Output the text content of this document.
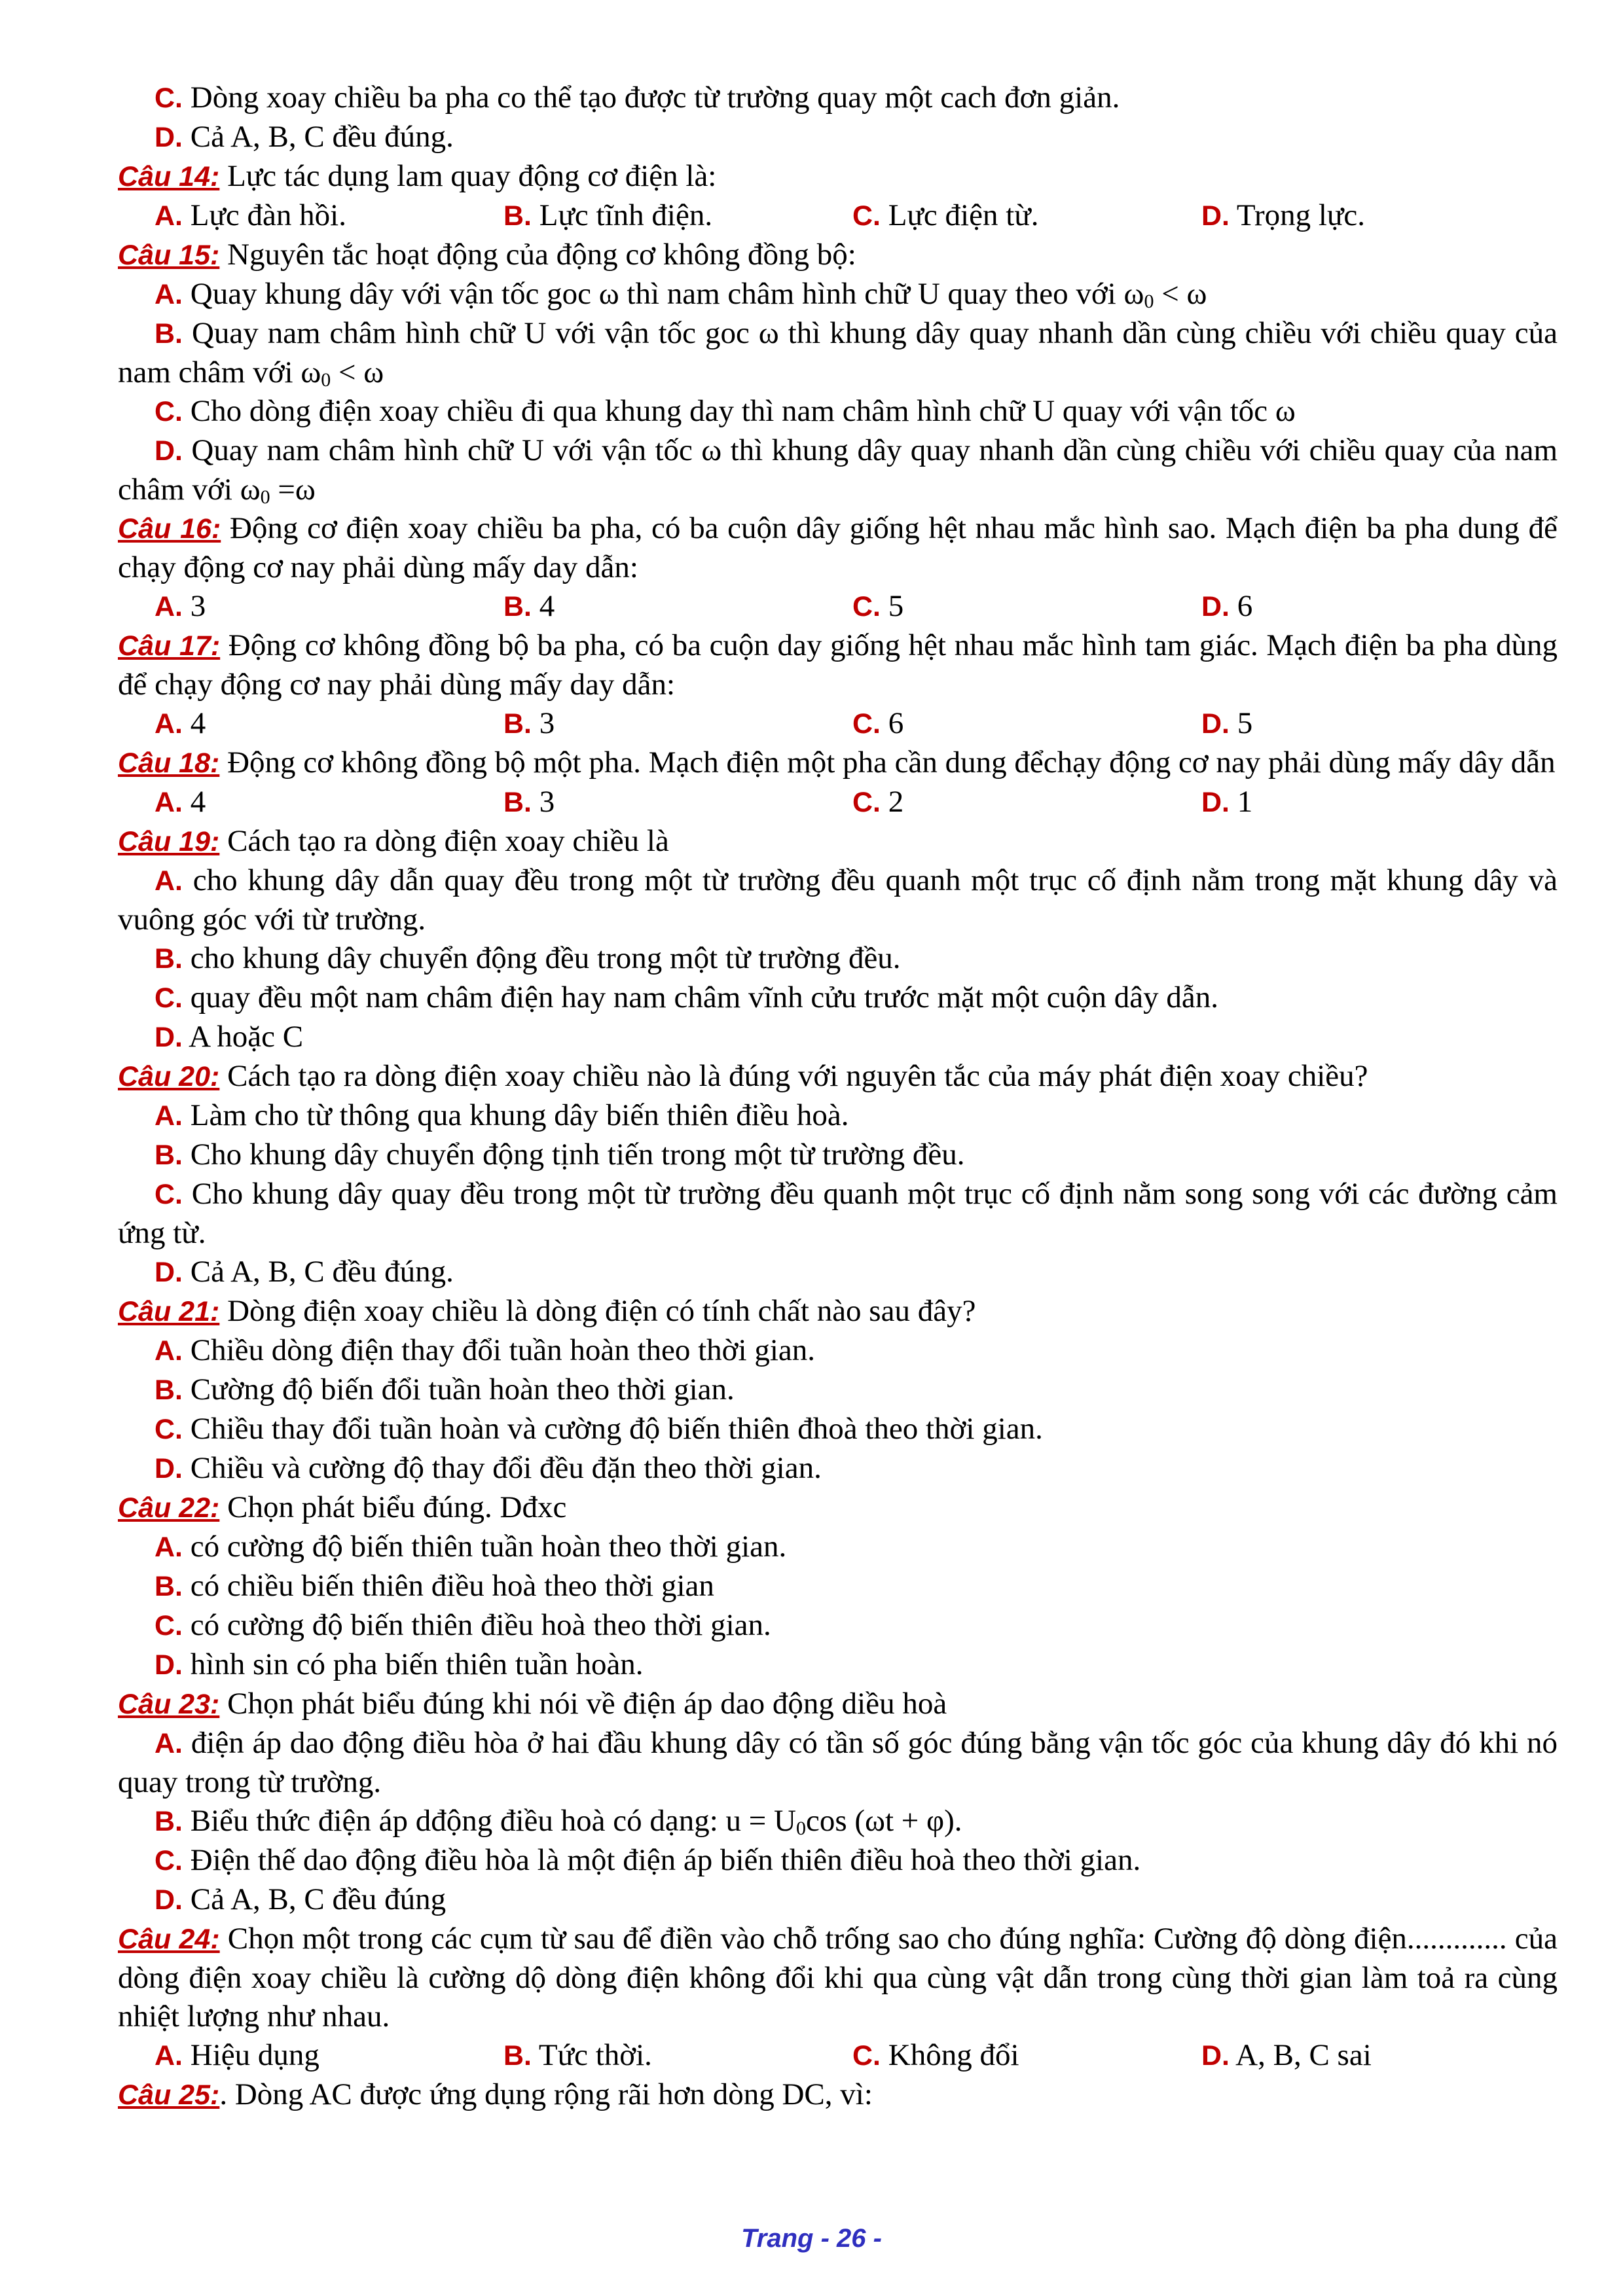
C. Dòng xoay chiều ba pha co thể tạo được từ trường quay một cach đơn giản.
D. Cả A, B, C đều đúng.
Câu 14: Lực tác dụng lam quay động cơ điện là:
A. Lực đàn hồi.	B. Lực tĩnh điện.	C. Lực điện từ.	D. Trọng lực.
Câu 15: Nguyên tắc hoạt động của động cơ không đồng bộ:
A. Quay khung dây với vận tốc goc ω thì nam châm hình chữ U quay theo với $\omega_0 < \omega$
B. Quay nam châm hình chữ U với vận tốc goc ω thì khung dây quay nhanh dần cùng chiều với chiều quay của nam châm với $\omega_0 < \omega$
C. Cho dòng điện xoay chiều đi qua khung day thì nam châm hình chữ U quay với vận tốc ω
D. Quay nam châm hình chữ U với vận tốc ω thì khung dây quay nhanh dần cùng chiều với chiều quay của nam châm với $\omega_0 =\omega$
Câu 16: Động cơ điện xoay chiều ba pha, có ba cuộn dây giống hệt nhau mắc hình sao. Mạch điện ba pha dung để chạy động cơ nay phải dùng mấy day dẫn:
A. 3	B. 4	C. 5	D. 6
Câu 17: Động cơ không đồng bộ ba pha, có ba cuộn day giống hệt nhau mắc hình tam giác. Mạch điện ba pha dùng để chạy động cơ nay phải dùng mấy day dẫn:
A. 4	B. 3	C. 6	D. 5
Câu 18: Động cơ không đồng bộ một pha. Mạch điện một pha cần dung đểchạy động cơ nay phải dùng mấy dây dẫn
A. 4	B. 3	C. 2	D. 1
Câu 19: Cách tạo ra dòng điện xoay chiều là
A. cho khung dây dẫn quay đều trong một từ trường đều quanh một trục cố định nằm trong mặt khung dây và vuông góc với từ trường.
B. cho khung dây chuyển động đều trong một từ trường đều.
C. quay đều một nam châm điện hay nam châm vĩnh cửu trước mặt một cuộn dây dẫn.
D. A hoặc C
Câu 20: Cách tạo ra dòng điện xoay chiều nào là đúng với nguyên tắc của máy phát điện xoay chiều?
A. Làm cho từ thông qua khung dây biến thiên điều hoà.
B. Cho khung dây chuyển động tịnh tiến trong một từ trường đều.
C. Cho khung dây quay đều trong một từ trường đều quanh một trục cố định nằm song song với các đường cảm ứng từ.
D. Cả A, B, C đều đúng.
Câu 21: Dòng điện xoay chiều là dòng điện có tính chất nào sau đây?
A. Chiều dòng điện thay đổi tuần hoàn theo thời gian.
B. Cường độ biến đổi tuần hoàn theo thời gian.
C. Chiều thay đổi tuần hoàn và cường độ biến thiên đhoà theo thời gian.
D. Chiều và cường độ thay đổi đều đặn theo thời gian.
Câu 22: Chọn phát biểu đúng. Dđxc
A. có cường độ biến thiên tuần hoàn theo thời gian.
B. có chiều biến thiên điều hoà theo thời gian
C. có cường độ biến thiên điều hoà theo thời gian.
D. hình sin có pha biến thiên tuần hoàn.
Câu 23: Chọn phát biểu đúng khi nói về điện áp dao động diều hoà
A. điện áp dao động điều hòa ở hai đầu khung dây có tần số góc đúng bằng vận tốc góc của khung dây đó khi nó quay trong từ trường.
B. Biểu thức điện áp dđộng điều hoà có dạng: $u = U_0\cos$ (ωt + φ).
C. Điện thế dao động điều hòa là một điện áp biến thiên điều hoà theo thời gian.
D. Cả A, B, C đều đúng
Câu 24: Chọn một trong các cụm từ sau để điền vào chỗ trống sao cho đúng nghĩa: Cường độ dòng điện............. của dòng điện xoay chiều là cường dộ dòng điện không đổi khi qua cùng vật dẫn trong cùng thời gian làm toả ra cùng nhiệt lượng như nhau.
A. Hiệu dụng	B. Tức thời.	C. Không đổi	D. A, B, C sai
Câu 25:. Dòng AC được ứng dụng rộng rãi hơn dòng DC, vì:
Trang - 26 -
